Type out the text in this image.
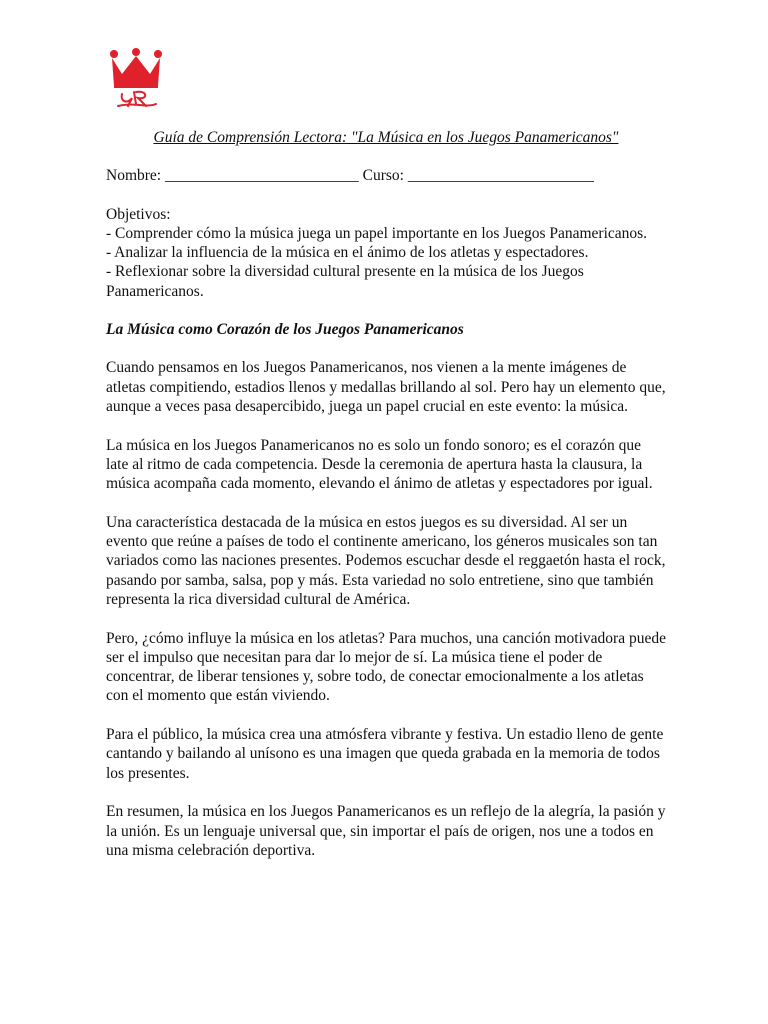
Guía de Comprensión Lectora: "La Música en los Juegos Panamericanos"
Nombre: _________________________ Curso: ________________________
Objetivos:
- Comprender cómo la música juega un papel importante en los Juegos Panamericanos.
- Analizar la influencia de la música en el ánimo de los atletas y espectadores.
- Reflexionar sobre la diversidad cultural presente en la música de los Juegos Panamericanos.
La Música como Corazón de los Juegos Panamericanos
Cuando pensamos en los Juegos Panamericanos, nos vienen a la mente imágenes de atletas compitiendo, estadios llenos y medallas brillando al sol. Pero hay un elemento que, aunque a veces pasa desapercibido, juega un papel crucial en este evento: la música.
La música en los Juegos Panamericanos no es solo un fondo sonoro; es el corazón que late al ritmo de cada competencia. Desde la ceremonia de apertura hasta la clausura, la música acompaña cada momento, elevando el ánimo de atletas y espectadores por igual.
Una característica destacada de la música en estos juegos es su diversidad. Al ser un evento que reúne a países de todo el continente americano, los géneros musicales son tan variados como las naciones presentes. Podemos escuchar desde el reggaetón hasta el rock, pasando por samba, salsa, pop y más. Esta variedad no solo entretiene, sino que también representa la rica diversidad cultural de América.
Pero, ¿cómo influye la música en los atletas? Para muchos, una canción motivadora puede ser el impulso que necesitan para dar lo mejor de sí. La música tiene el poder de concentrar, de liberar tensiones y, sobre todo, de conectar emocionalmente a los atletas con el momento que están viviendo.
Para el público, la música crea una atmósfera vibrante y festiva. Un estadio lleno de gente cantando y bailando al unísono es una imagen que queda grabada en la memoria de todos los presentes.
En resumen, la música en los Juegos Panamericanos es un reflejo de la alegría, la pasión y la unión. Es un lenguaje universal que, sin importar el país de origen, nos une a todos en una misma celebración deportiva.
